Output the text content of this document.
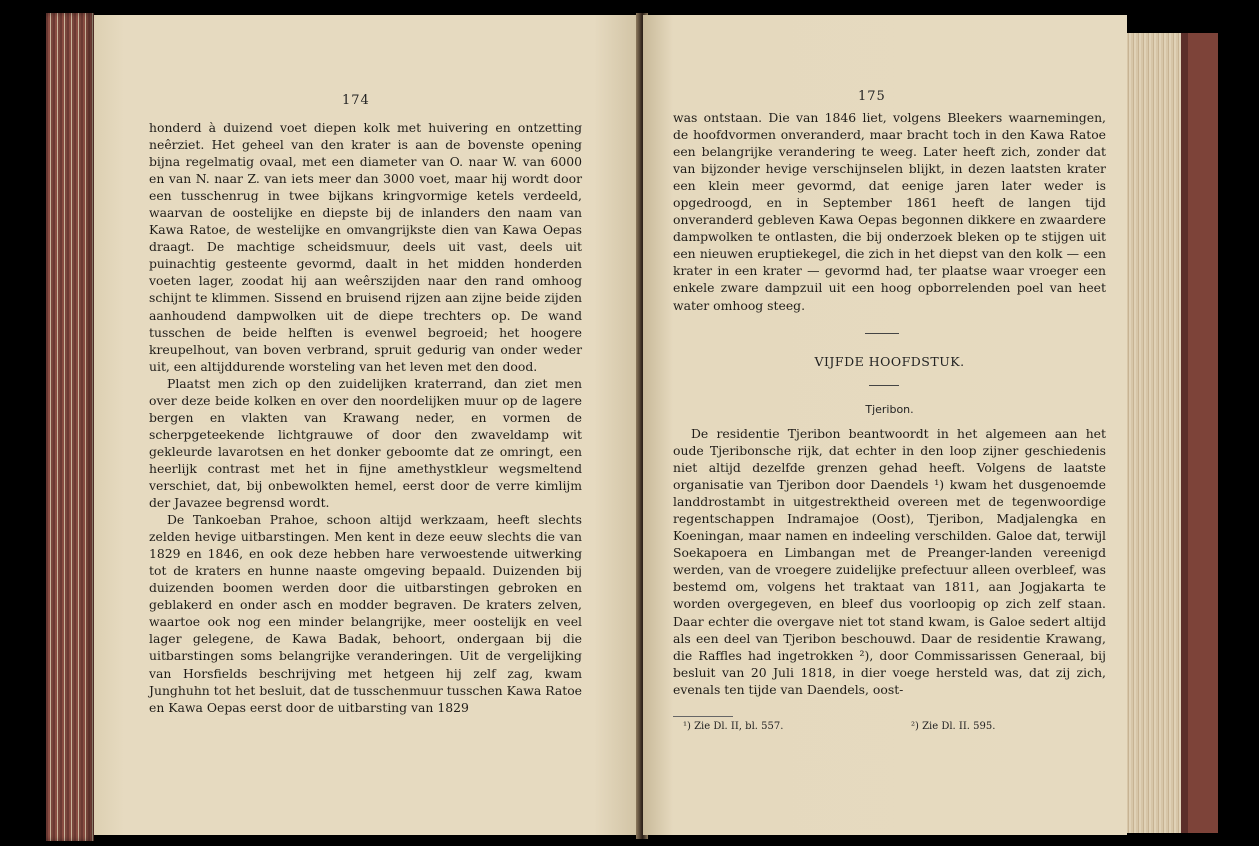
174

honderd à duizend voet diepen kolk met huivering en ontzetting neêrziet. Het geheel van den krater is aan de bovenste opening bijna regelmatig ovaal, met een diameter van O. naar W. van 6000 en van N. naar Z. van iets meer dan 3000 voet, maar hij wordt door een tusschenrug in twee bijkans kringvormige ketels verdeeld, waarvan de oostelijke en diepste bij de inlanders den naam van Kawa Ratoe, de westelijke en omvangrijkste dien van Kawa Oepas draagt. De machtige scheidsmuur, deels uit vast, deels uit puinachtig gesteente gevormd, daalt in het midden honderden voeten lager, zoodat hij aan weêrszijden naar den rand omhoog schijnt te klimmen. Sissend en bruisend rijzen aan zijne beide zijden aanhoudend dampwolken uit de diepe trechters op. De wand tusschen de beide helften is evenwel begroeid; het hoogere kreupelhout, van boven verbrand, spruit gedurig van onder weder uit, een altijddurende worsteling van het leven met den dood.

Plaatst men zich op den zuidelijken kraterrand, dan ziet men over deze beide kolken en over den noordelijken muur op de lagere bergen en vlakten van Krawang neder, en vormen de scherpgeteekende lichtgrauwe of door den zwaveldamp wit gekleurde lavarotsen en het donker geboomte dat ze omringt, een heerlijk contrast met het in fijne amethystkleur wegsmeltend verschiet, dat, bij onbewolkten hemel, eerst door de verre kimlijm der Javazee begrensd wordt.

De Tankoeban Prahoe, schoon altijd werkzaam, heeft slechts zelden hevige uitbarstingen. Men kent in deze eeuw slechts die van 1829 en 1846, en ook deze hebben hare verwoestende uitwerking tot de kraters en hunne naaste omgeving bepaald. Duizenden bij duizenden boomen werden door die uitbarstingen gebroken en geblakerd en onder asch en modder begraven. De kraters zelven, waartoe ook nog een minder belangrijke, meer oostelijk en veel lager gelegene, de Kawa Badak, behoort, ondergaan bij die uitbarstingen soms belangrijke veranderingen. Uit de vergelijking van Horsfields beschrijving met hetgeen hij zelf zag, kwam Junghuhn tot het besluit, dat de tusschenmuur tusschen Kawa Ratoe en Kawa Oepas eerst door de uitbarsting van 1829

175

was ontstaan. Die van 1846 liet, volgens Bleekers waarnemingen, de hoofdvormen onveranderd, maar bracht toch in den Kawa Ratoe een belangrijke verandering te weeg. Later heeft zich, zonder dat van bijzonder hevige verschijnselen blijkt, in dezen laatsten krater een klein meer gevormd, dat eenige jaren later weder is opgedroogd, en in September 1861 heeft de langen tijd onveranderd gebleven Kawa Oepas begonnen dikkere en zwaardere dampwolken te ontlasten, die bij onderzoek bleken op te stijgen uit een nieuwen eruptiekegel, die zich in het diepst van den kolk — een krater in een krater — gevormd had, ter plaatse waar vroeger een enkele zware dampzuil uit een hoog opborrelenden poel van heet water omhoog steeg.

VIJFDE HOOFDSTUK.
Tjeribon.

De residentie Tjeribon beantwoordt in het algemeen aan het oude Tjeribonsche rijk, dat echter in den loop zijner geschiedenis niet altijd dezelfde grenzen gehad heeft. Volgens de laatste organisatie van Tjeribon door Daendels ¹) kwam het dusgenoemde landdrostambt in uitgestrektheid overeen met de tegenwoordige regentschappen Indramajoe (Oost), Tjeribon, Madjalengka en Koeningan, maar namen en indeeling verschilden. Galoe dat, terwijl Soekapoera en Limbangan met de Preanger-landen vereenigd werden, van de vroegere zuidelijke prefectuur alleen overbleef, was bestemd om, volgens het traktaat van 1811, aan Jogjakarta te worden overgegeven, en bleef dus voorloopig op zich zelf staan. Daar echter die overgave niet tot stand kwam, is Galoe sedert altijd als een deel van Tjeribon beschouwd. Daar de residentie Krawang, die Raffles had ingetrokken ²), door Commissarissen Generaal, bij besluit van 20 Juli 1818, in dier voege hersteld was, dat zij zich, evenals ten tijde van Daendels, oost-

¹) Zie Dl. II, bl. 557.	²) Zie Dl. II. 595.
